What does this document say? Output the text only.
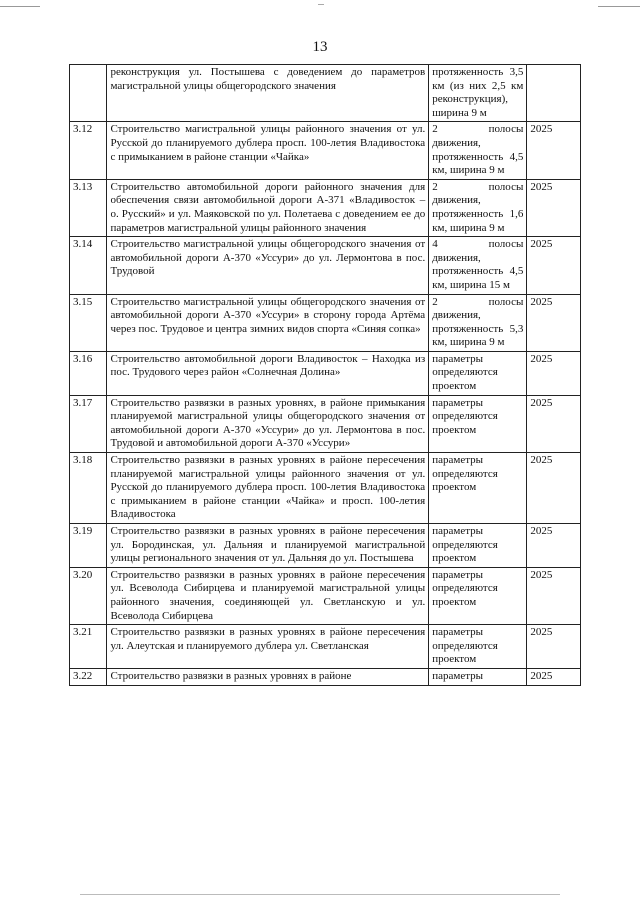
13
	реконструкция ул. Постышева с доведением до параметров магистральной улицы общегородского значения	протяженность 3,5 км (из них 2,5 км реконструкция), ширина 9 м	
3.12	Строительство магистральной улицы районного значения от ул. Русской до планируемого дублера просп. 100-летия Владивостока с примыканием в районе станции «Чайка»	2 полосы движения, протяженность 4,5 км, ширина 9 м	2025
3.13	Строительство автомобильной дороги районного значения для обеспечения связи автомобильной дороги А-371 «Владивосток – о. Русский» и ул. Маяковской по ул. Полетаева с доведением ее до параметров магистральной улицы районного значения	2 полосы движения, протяженность 1,6 км, ширина 9 м	2025
3.14	Строительство магистральной улицы общегородского значения от автомобильной дороги А-370 «Уссури» до ул. Лермонтова в пос. Трудовой	4 полосы движения, протяженность 4,5 км, ширина 15 м	2025
3.15	Строительство магистральной улицы общегородского значения от автомобильной дороги А-370 «Уссури» в сторону города Артёма через пос. Трудовое и центра зимних видов спорта «Синяя сопка»	2 полосы движения, протяженность 5,3 км, ширина 9 м	2025
3.16	Строительство автомобильной дороги Владивосток – Находка из пос. Трудового через район «Солнечная Долина»	параметры определяются проектом	2025
3.17	Строительство развязки в разных уровнях, в районе примыкания планируемой магистральной улицы общегородского значения от автомобильной дороги А-370 «Уссури» до ул. Лермонтова в пос. Трудовой и автомобильной дороги А-370 «Уссури»	параметры определяются проектом	2025
3.18	Строительство развязки в разных уровнях в районе пересечения планируемой магистральной улицы районного значения от ул. Русской до планируемого дублера просп. 100-летия Владивостока с примыканием в районе станции «Чайка» и просп. 100-летия Владивостока	параметры определяются проектом	2025
3.19	Строительство развязки в разных уровнях в районе пересечения ул. Бородинская, ул. Дальняя и планируемой магистральной улицы регионального значения от ул. Дальняя до ул. Постышева	параметры определяются проектом	2025
3.20	Строительство развязки в разных уровнях в районе пересечения ул. Всеволода Сибирцева и планируемой магистральной улицы районного значения, соединяющей ул. Светланскую и ул. Всеволода Сибирцева	параметры определяются проектом	2025
3.21	Строительство развязки в разных уровнях в районе пересечения ул. Алеутская и планируемого дублера ул. Светланская	параметры определяются проектом	2025
3.22	Строительство развязки в разных уровнях в районе	параметры	2025
